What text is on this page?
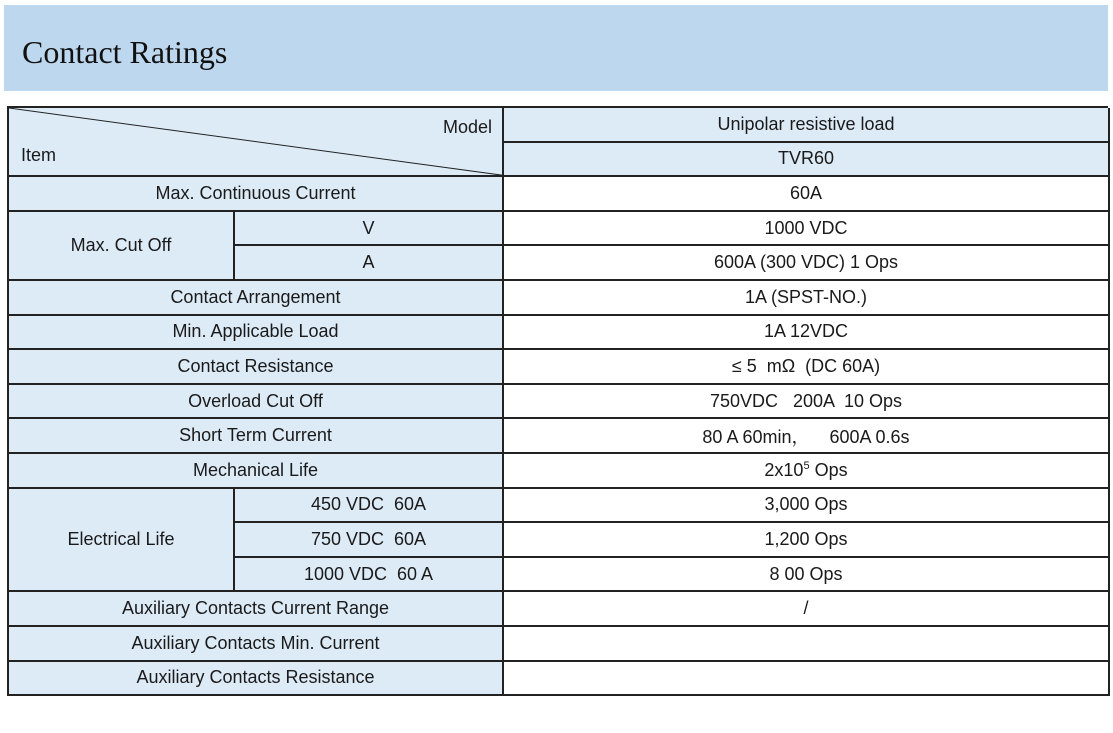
Contact Ratings
Model
Item		Unipolar resistive load
		TVR60
Max. Continuous Current		60A
Max. Cut Off	V	1000 VDC
	A	600A (300 VDC) 1 Ops
Contact Arrangement		1A (SPST-NO.)
Min. Applicable Load		1A 12VDC
Contact Resistance		≤ 5  mΩ  (DC 60A)
Overload Cut Off		750VDC   200A  10 Ops
Short Term Current		80 A 60min，    600A 0.6s
Mechanical Life		$2x10^5$ Ops
Electrical Life	450 VDC  60A	3,000 Ops
	750 VDC  60A	1,200 Ops
	1000 VDC  60 A	8 00 Ops
Auxiliary Contacts Current Range		/
Auxiliary Contacts Min. Current		
Auxiliary Contacts Resistance		
